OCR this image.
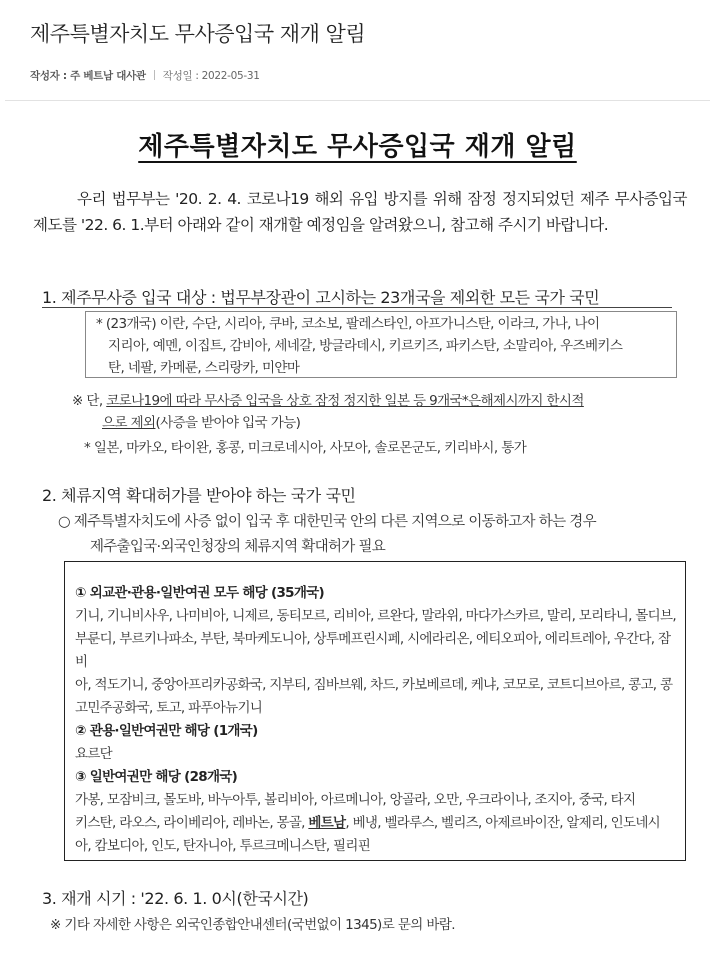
제주특별자치도 무사증입국 재개 알림
작성자 : 주 베트남 대사관 작성일 : 2022-05-31
제주특별자치도 무사증입국 재개 알림
우리 법무부는 '20. 2. 4. 코로나19 해외 유입 방지를 위해 잠정 정지되었던 제주 무사증입국 제도를 '22. 6. 1.부터 아래와 같이 재개할 예정임을 알려왔으니, 참고해 주시기 바랍니다.
1. 제주무사증 입국 대상 : 법무부장관이 고시하는 23개국을 제외한 모든 국가 국민
* (23개국) 이란, 수단, 시리아, 쿠바, 코소보, 팔레스타인, 아프가니스탄, 이라크, 가나, 나이
지리아, 예멘, 이집트, 감비아, 세네갈, 방글라데시, 키르키즈, 파키스탄, 소말리아, 우즈베키스
탄, 네팔, 카메룬, 스리랑카, 미얀마
※ 단, 코로나19에 따라 무사증 입국을 상호 잠정 정지한 일본 등 9개국*은해제시까지 한시적
으로 제외(사증을 받아야 입국 가능)
* 일본, 마카오, 타이완, 홍콩, 미크로네시아, 사모아, 솔로몬군도, 키리바시, 통가
2. 체류지역 확대허가를 받아야 하는 국가 국민
○ 제주특별자치도에 사증 없이 입국 후 대한민국 안의 다른 지역으로 이동하고자 하는 경우
제주출입국·외국인청장의 체류지역 확대허가 필요
① 외교관·관용·일반여권 모두 해당 (35개국)
기니, 기니비사우, 나미비아, 니제르, 동티모르, 리비아, 르완다, 말라위, 마다가스카르, 말리, 모리타니, 몰디브,
부룬디, 부르키나파소, 부탄, 북마케도니아, 상투메프린시페, 시에라리온, 에티오피아, 에리트레아, 우간다, 잠비
아, 적도기니, 중앙아프리카공화국, 지부티, 짐바브웨, 차드, 카보베르데, 케냐, 코모로, 코트디브아르, 콩고, 콩
고민주공화국, 토고, 파푸아뉴기니
② 관용·일반여권만 해당 (1개국)
요르단
③ 일반여권만 해당 (28개국)
가봉, 모잠비크, 몰도바, 바누아투, 볼리비아, 아르메니아, 앙골라, 오만, 우크라이나, 조지아, 중국, 타지
키스탄, 라오스, 라이베리아, 레바논, 몽골, 베트남, 베냉, 벨라루스, 벨리즈, 아제르바이잔, 알제리, 인도네시
아, 캄보디아, 인도, 탄자니아, 투르크메니스탄, 필리핀
3. 재개 시기 : '22. 6. 1. 0시(한국시간)
※ 기타 자세한 사항은 외국인종합안내센터(국번없이 1345)로 문의 바람.
